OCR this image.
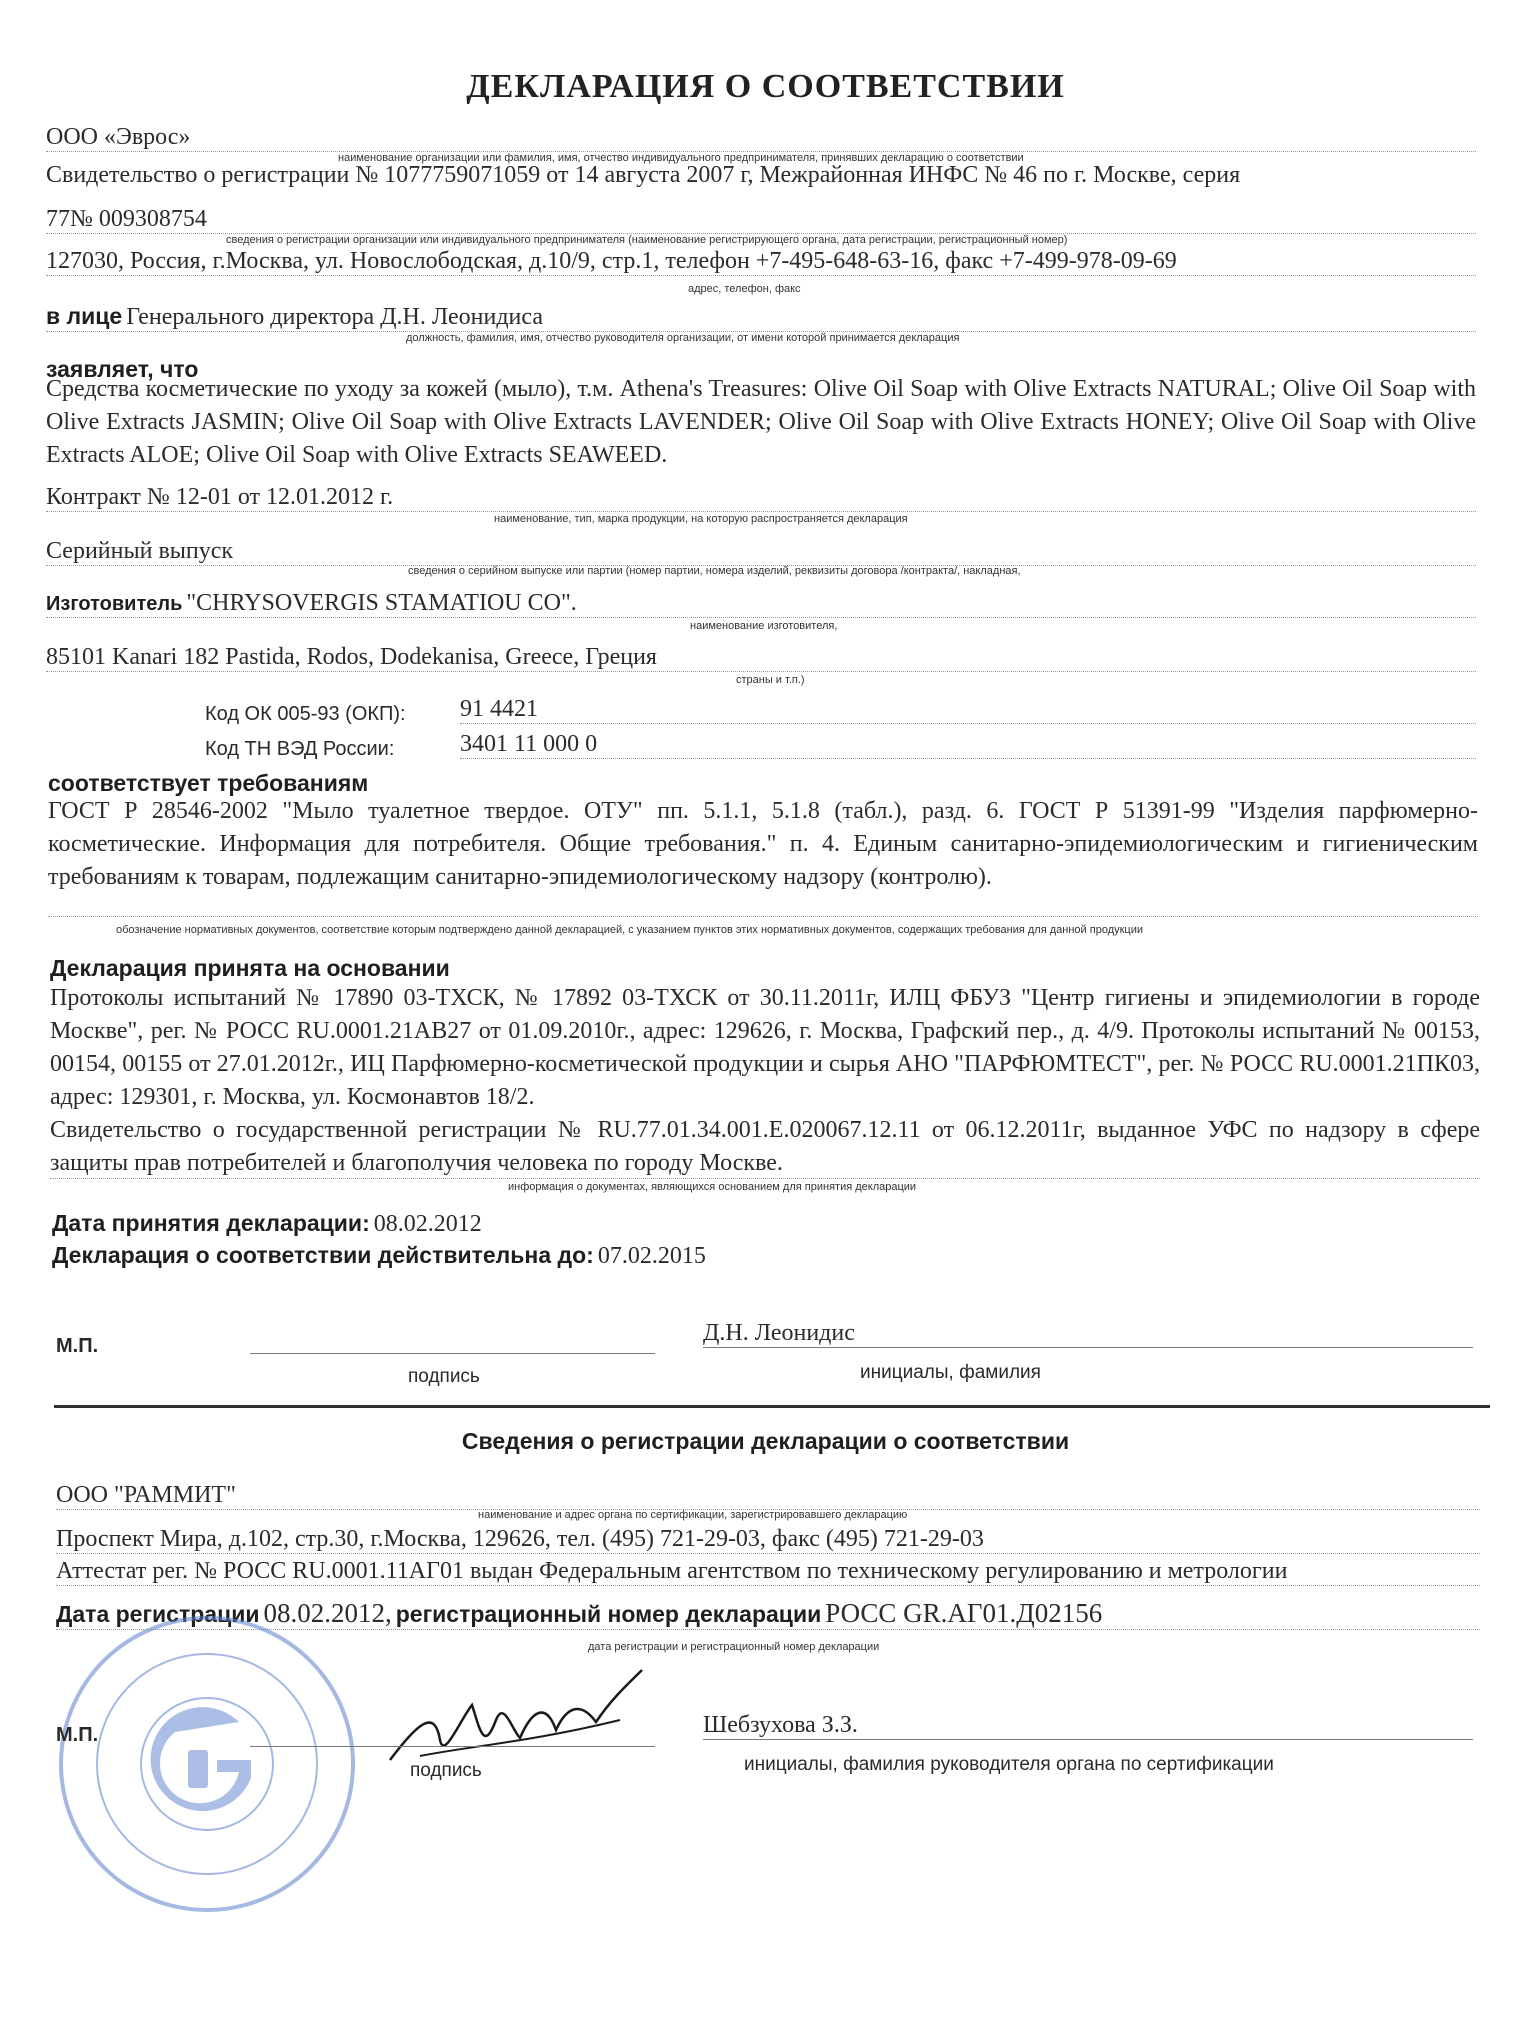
ДЕКЛАРАЦИЯ О СООТВЕТСТВИИ
ООО «Эврос»
наименование организации или фамилия, имя, отчество индивидуального предпринимателя, принявших декларацию о соответствии
Свидетельство о регистрации № 1077759071059 от 14 августа 2007 г, Межрайонная ИНФС № 46 по г. Москве, серия
77№ 009308754
сведения о регистрации организации или индивидуального предпринимателя (наименование регистрирующего органа, дата регистрации, регистрационный номер)
127030, Россия, г.Москва, ул. Новослободская, д.10/9, стр.1, телефон +7-495-648-63-16, факс +7-499-978-09-69
адрес, телефон, факс
в лице Генерального директора Д.Н. Леонидиса
должность, фамилия, имя, отчество руководителя организации, от имени которой принимается декларация
заявляет, что
Средства косметические по уходу за кожей (мыло), т.м. Athena's Treasures: Olive Oil Soap with Olive Extracts NATURAL; Olive Oil Soap with Olive Extracts JASMIN; Olive Oil Soap with Olive Extracts LAVENDER; Olive Oil Soap with Olive Extracts HONEY; Olive Oil Soap with Olive Extracts ALOE; Olive Oil Soap with Olive Extracts SEAWEED.
Контракт № 12-01 от 12.01.2012 г.
наименование, тип, марка продукции, на которую распространяется декларация
Серийный выпуск
сведения о серийном выпуске или партии (номер партии, номера изделий, реквизиты договора /контракта/, накладная,
Изготовитель "CHRYSOVERGIS STAMATIOU CO".
наименование изготовителя,
85101 Kanari 182 Pastida, Rodos, Dodekanisa, Greece, Греция
страны и т.п.)
Код ОК 005-93 (ОКП): 91 4421
Код ТН ВЭД России:	3401 11 000 0
соответствует требованиям
ГОСТ Р 28546-2002 "Мыло туалетное твердое. ОТУ" пп. 5.1.1, 5.1.8 (табл.), разд. 6. ГОСТ Р 51391-99 "Изделия парфюмерно-косметические. Информация для потребителя. Общие требования." п. 4. Единым санитарно-эпидемиологическим и гигиеническим требованиям к товарам, подлежащим санитарно-эпидемиологическому надзору (контролю).
обозначение нормативных документов, соответствие которым подтверждено данной декларацией, с указанием пунктов этих нормативных документов, содержащих требования для данной продукции
Декларация принята на основании
Протоколы испытаний № 17890 03-ТХСК, № 17892 03-ТХСК от 30.11.2011г, ИЛЦ ФБУЗ "Центр гигиены и эпидемиологии в городе Москве", рег. № РОСС RU.0001.21АВ27 от 01.09.2010г., адрес: 129626, г. Москва, Графский пер., д. 4/9. Протоколы испытаний № 00153, 00154, 00155 от 27.01.2012г., ИЦ Парфюмерно-косметической продукции и сырья АНО "ПАРФЮМТЕСТ", рег. № РОСС RU.0001.21ПК03, адрес: 129301, г. Москва, ул. Космонавтов 18/2.
Свидетельство о государственной регистрации № RU.77.01.34.001.Е.020067.12.11 от 06.12.2011г, выданное УФС по надзору в сфере защиты прав потребителей и благополучия человека по городу Москве.
информация о документах, являющихся основанием для принятия декларации
Дата принятия декларации: 08.02.2012
Декларация о соответствии действительна до: 07.02.2015
М.П.	Д.Н. Леонидис
подпись	инициалы, фамилия
Сведения о регистрации декларации о соответствии
ООО "РАММИТ"
наименование и адрес органа по сертификации, зарегистрировавшего декларацию
Проспект Мира, д.102, стр.30, г.Москва, 129626, тел. (495) 721-29-03, факс (495) 721-29-03
Аттестат рег. № РОСС RU.0001.11АГ01 выдан Федеральным агентством по техническому регулированию и метрологии
Дата регистрации 08.02.2012, регистрационный номер декларации РОСС GR.АГ01.Д02156
дата регистрации и регистрационный номер декларации
М.П.	Шебзухова З.З.
подпись	инициалы, фамилия руководителя органа по сертификации
